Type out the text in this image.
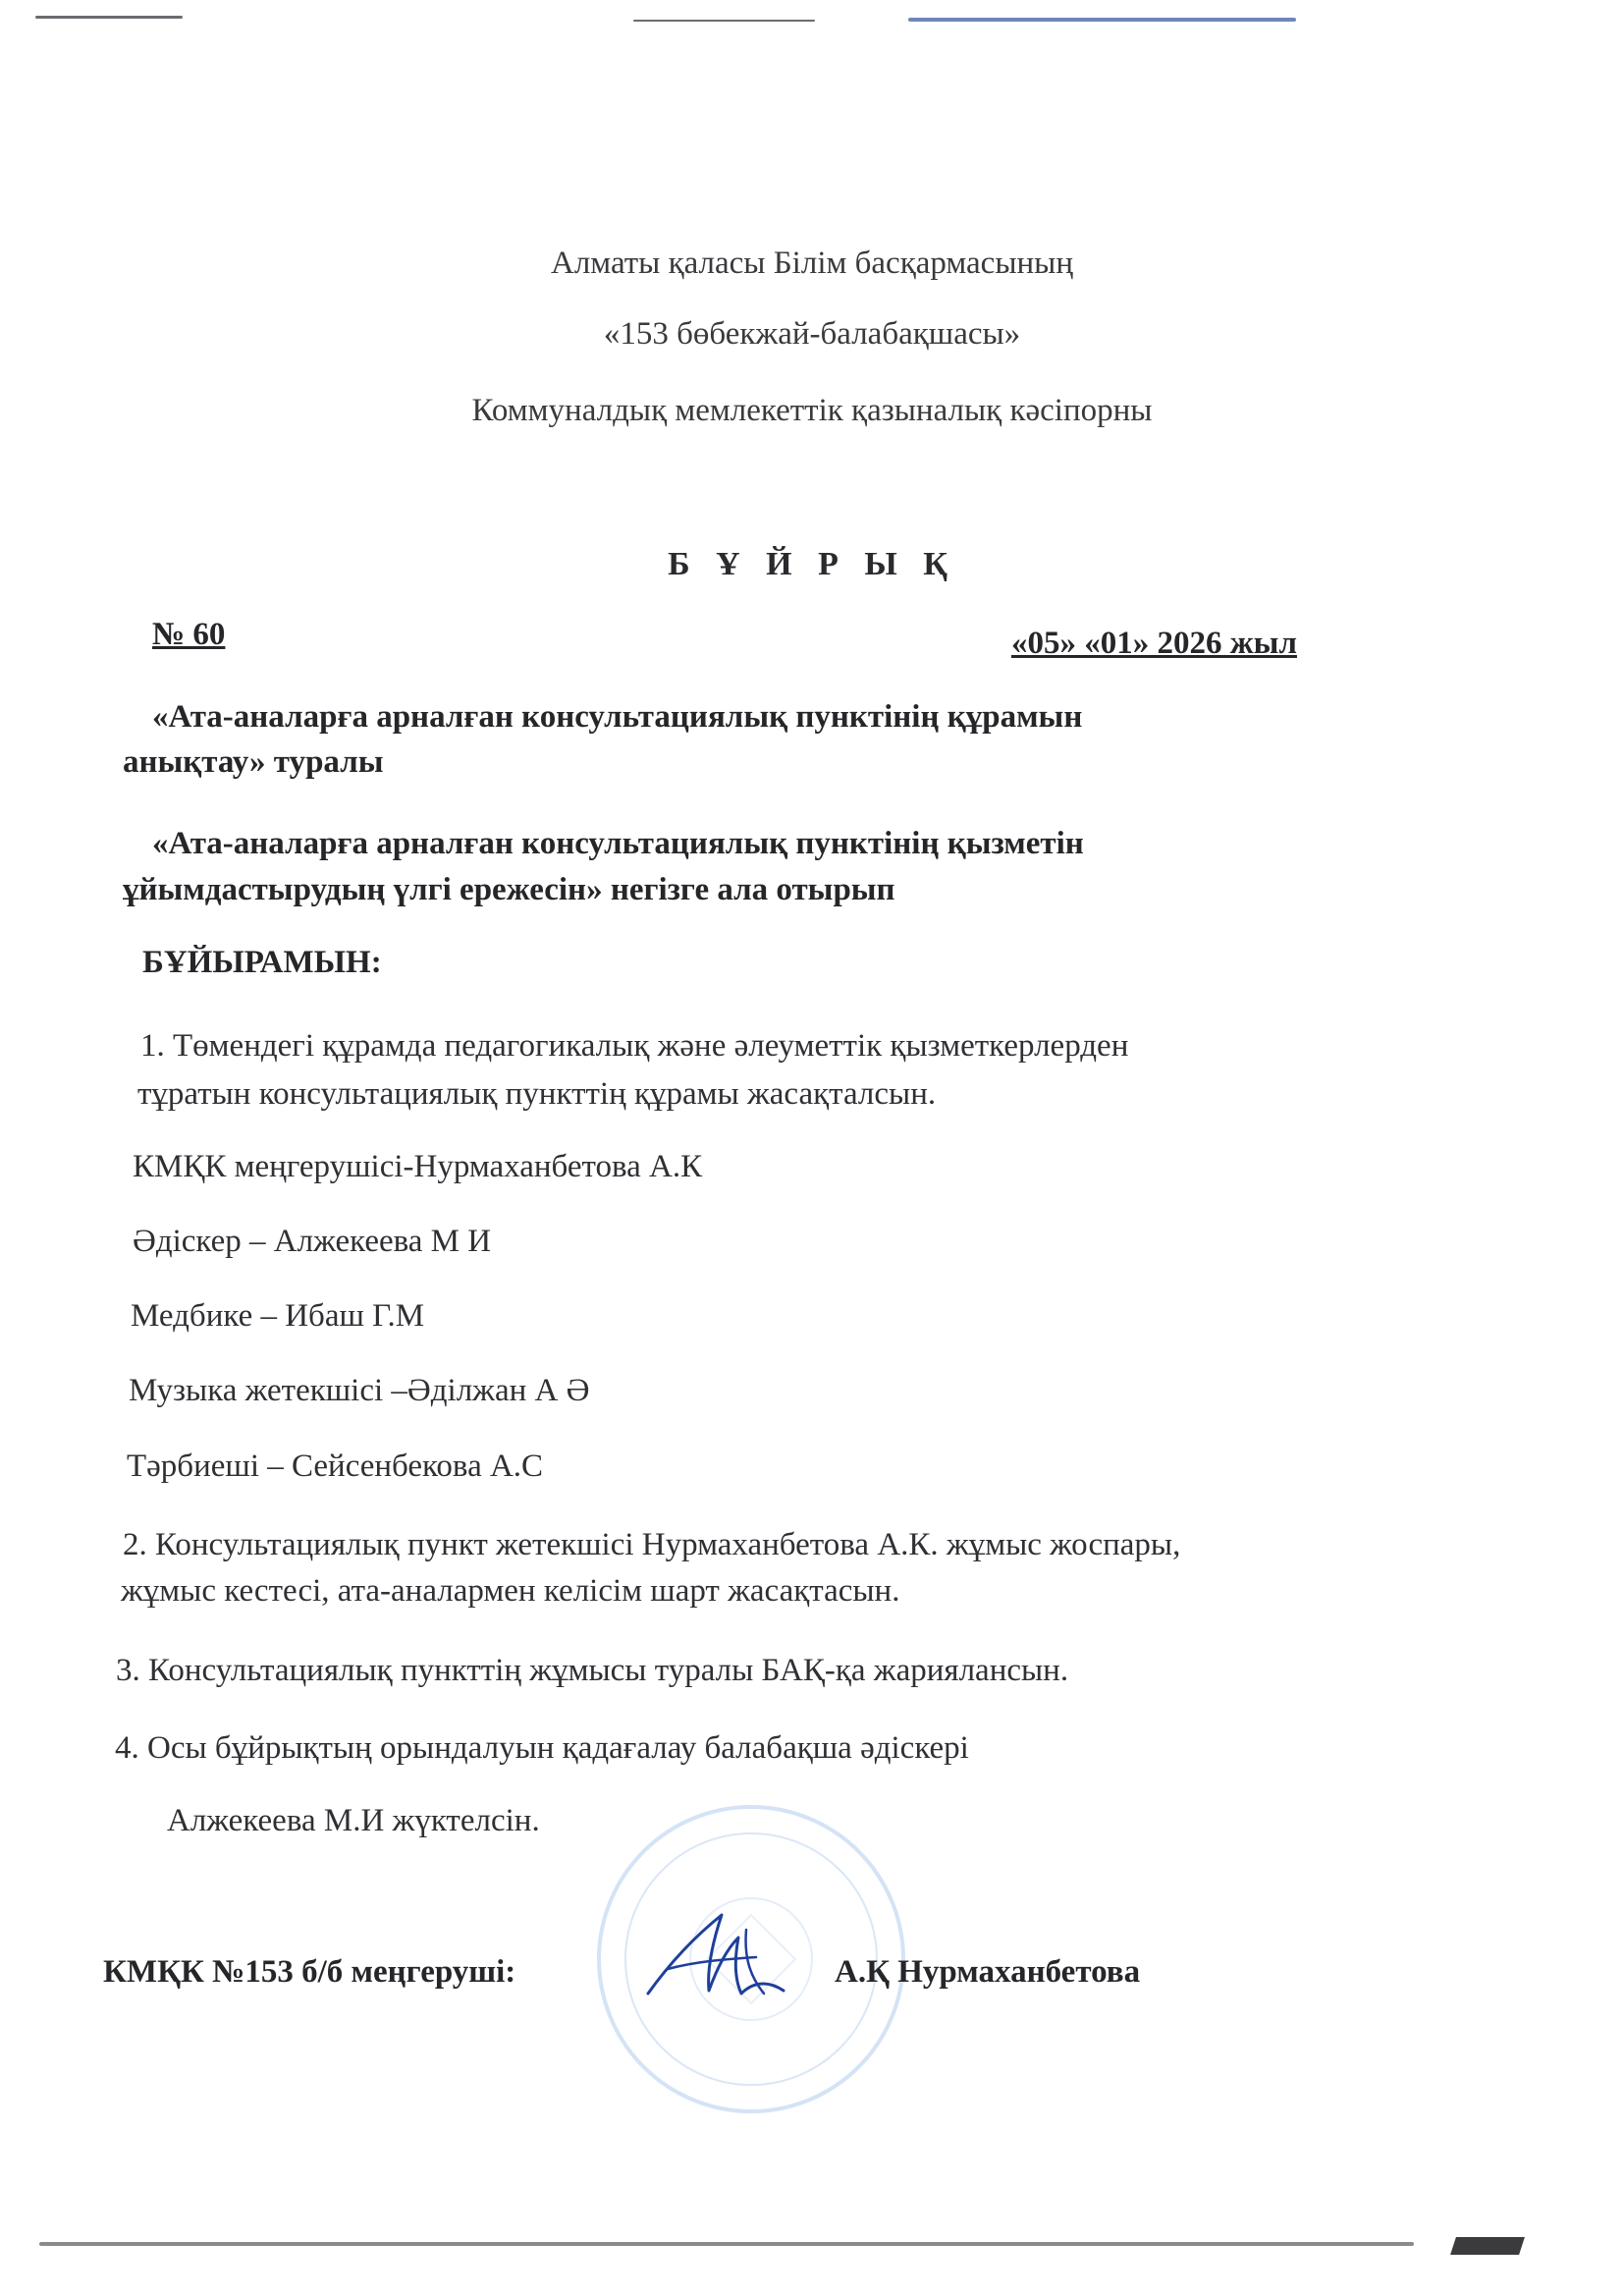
Алматы қаласы Білім басқармасының
«153 бөбекжай-балабақшасы»
Коммуналдық мемлекеттік қазыналық кәсіпорны
Б Ұ Й Р Ы Қ
№ 60	«05» «01» 2026 жыл
«Ата-аналарға арналған консультациялық пунктінің құрамын
анықтау» туралы
«Ата-аналарға арналған консультациялық пунктінің қызметін
ұйымдастырудың үлгі ережесін» негізге ала отырып
БҰЙЫРАМЫН:
1. Төмендегі құрамда педагогикалық және әлеуметтік қызметкерлерден
тұратын консультациялық пункттің құрамы жасақталсын.
КМҚК меңгерушісі-Нурмаханбетова А.К
Әдіскер – Алжекеева М И
Медбике – Ибаш Г.М
Музыка жетекшісі –Әділжан А Ә
Тәрбиеші – Сейсенбекова А.С
2. Консультациялық пункт жетекшісі Нурмаханбетова А.К. жұмыс жоспары,
жұмыс кестесі, ата-аналармен келісім шарт жасақтасын.
3. Консультациялық пункттің жұмысы туралы БАҚ-қа жариялансын.
4. Осы бұйрықтың орындалуын қадағалау балабақша әдіскері
Алжекеева М.И жүктелсін.
КМҚК №153 б/б меңгеруші:	А.Қ Нурмаханбетова
